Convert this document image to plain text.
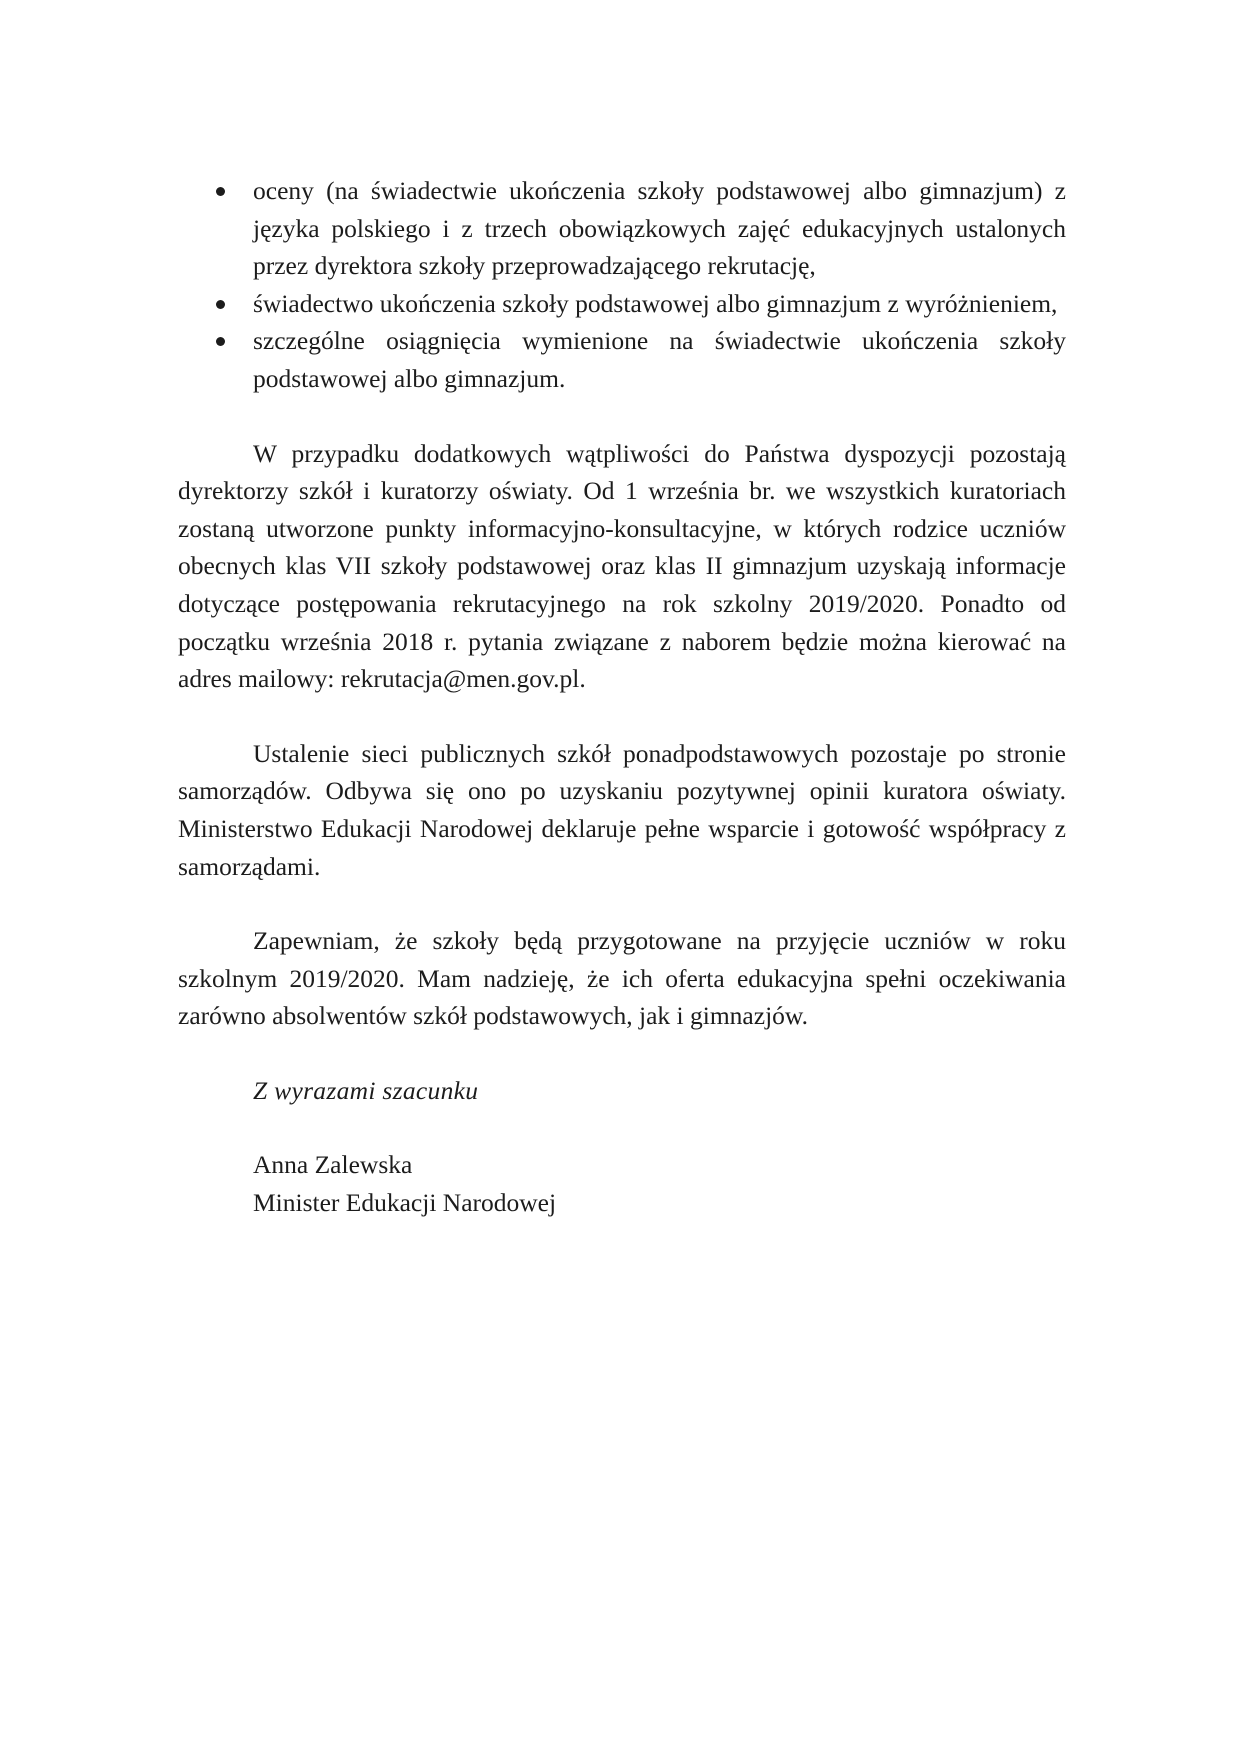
oceny (na świadectwie ukończenia szkoły podstawowej albo gimnazjum) z języka polskiego i z trzech obowiązkowych zajęć edukacyjnych ustalonych przez dyrektora szkoły przeprowadzającego rekrutację,
świadectwo ukończenia szkoły podstawowej albo gimnazjum z wyróżnieniem,
szczególne osiągnięcia wymienione na świadectwie ukończenia szkoły podstawowej albo gimnazjum.

W przypadku dodatkowych wątpliwości do Państwa dyspozycji pozostają dyrektorzy szkół i kuratorzy oświaty. Od 1 września br. we wszystkich kuratoriach zostaną utworzone punkty informacyjno-konsultacyjne, w których rodzice uczniów obecnych klas VII szkoły podstawowej oraz klas II gimnazjum uzyskają informacje dotyczące postępowania rekrutacyjnego na rok szkolny 2019/2020. Ponadto od początku września 2018 r. pytania związane z naborem będzie można kierować na adres mailowy: rekrutacja@men.gov.pl.

Ustalenie sieci publicznych szkół ponadpodstawowych pozostaje po stronie samorządów. Odbywa się ono po uzyskaniu pozytywnej opinii kuratora oświaty. Ministerstwo Edukacji Narodowej deklaruje pełne wsparcie i gotowość współpracy z samorządami.

Zapewniam, że szkoły będą przygotowane na przyjęcie uczniów w roku szkolnym 2019/2020. Mam nadzieję, że ich oferta edukacyjna spełni oczekiwania zarówno absolwentów szkół podstawowych, jak i gimnazjów.

Z wyrazami szacunku
Anna Zalewska
Minister Edukacji Narodowej
